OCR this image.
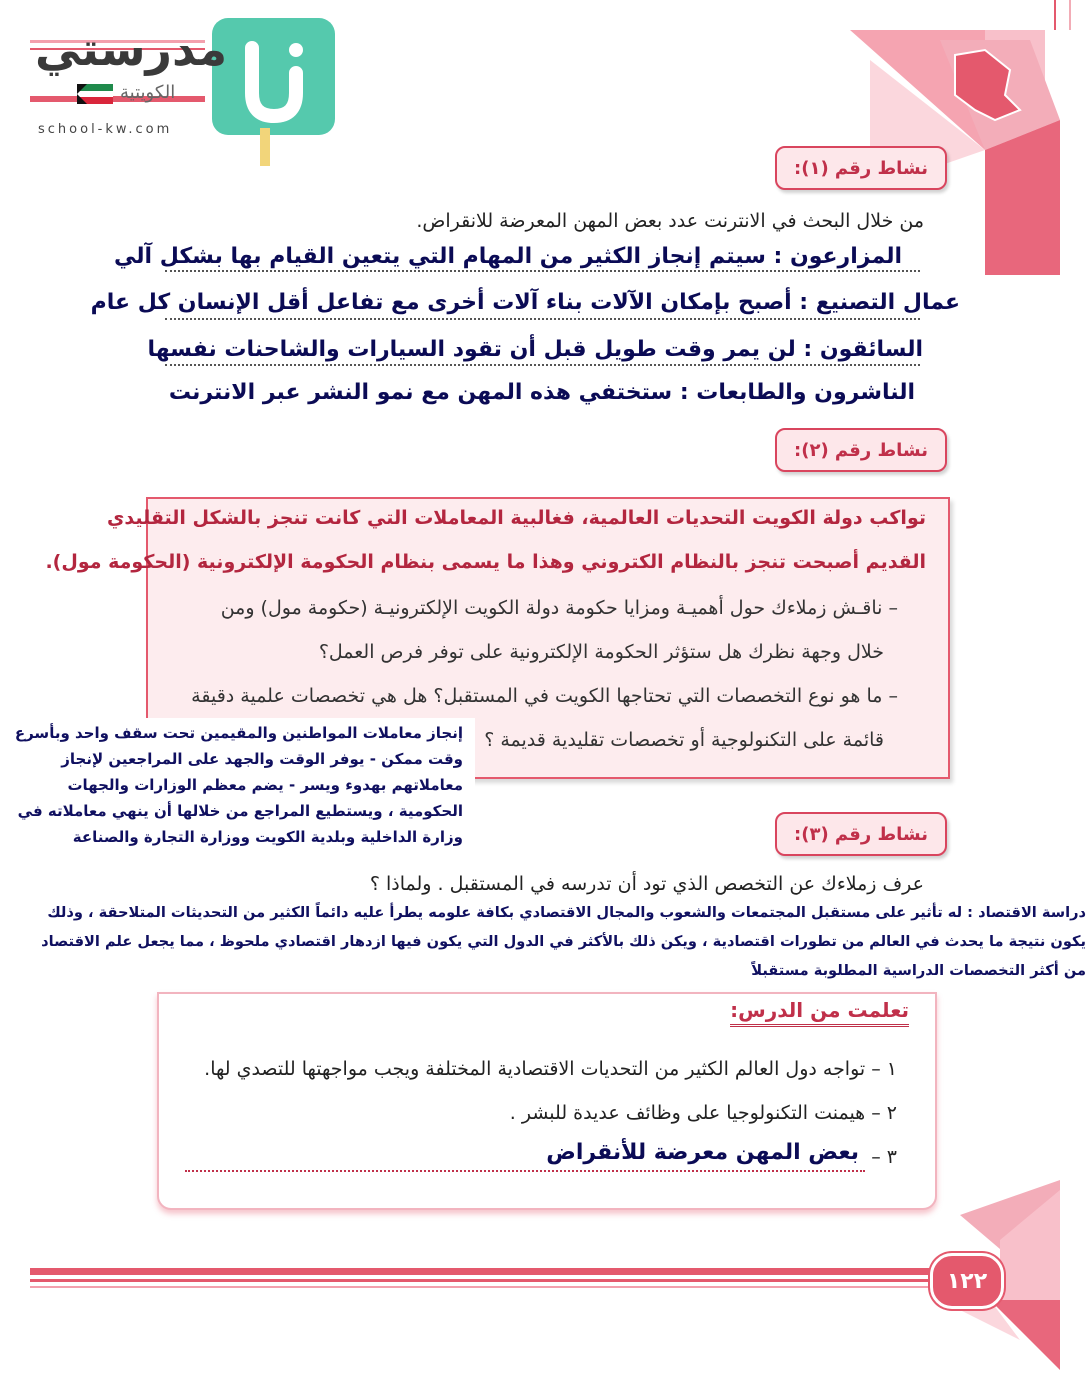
مدرستي
الكويتية
school-kw.com
نشاط رقم (١):
من خلال البحث في الانترنت عدد بعض المهن المعرضة للانقراض.
المزارعون : سيتم إنجاز الكثير من المهام التي يتعين القيام بها بشكل آلي
عمال التصنيع : أصبح بإمكان الآلات بناء آلات أخرى مع تفاعل أقل الإنسان كل عام
السائقون : لن يمر وقت طويل قبل أن تقود السيارات والشاحنات نفسها
الناشرون والطابعات : ستختفي هذه المهن مع نمو النشر عبر الانترنت
نشاط رقم (٢):

تواكب دولة الكويت التحديات العالمية، فغالبية المعاملات التي كانت تنجز بالشكل التقليدي

القديم أصبحت تنجز بالنظام الكتروني وهذا ما يسمى بنظام الحكومة الإلكترونية (الحكومة مول).

– ناقـش زملاءك حول أهميـة ومزايا حكومة دولة الكويت الإلكترونيـة (حكومة مول) ومن

خلال وجهة نظرك هل ستؤثر الحكومة الإلكترونية على توفر فرص العمل؟

– ما هو نوع التخصصات التي تحتاجها الكويت في المستقبل؟ هل هي تخصصات علمية دقيقة

قائمة على التكنولوجية أو تخصصات تقليدية قديمة ؟

إنجاز معاملات المواطنين والمقيمين تحت سقف واحد وبأسرع
وقت ممكن - يوفر الوقت والجهد على المراجعين لإنجاز
معاملاتهم بهدوء ويسر - يضم معظم الوزارات والجهات
الحكومية ، ويستطيع المراجع من خلالها أن ينهي معاملاته في
وزارة الداخلية وبلدية الكويت ووزارة التجارة والصناعة	نشاط رقم (٣):
عرف زملاءك عن التخصص الذي تود أن تدرسه في المستقبل . ولماذا ؟
دراسة الاقتصاد : له تأثير على مستقبل المجتمعات والشعوب والمجال الاقتصادي بكافة علومه يطرأ عليه دائماً الكثير من التحديثات المتلاحقة ، وذلك
يكون نتيجة ما يحدث في العالم من تطورات اقتصادية ، ويكن ذلك بالأكثر في الدول التي يكون فيها ازدهار اقتصادي ملحوظ ، مما يجعل علم الاقتصاد
من أكثر التخصصات الدراسية المطلوبة مستقبلاً
تعلمت من الدرس:
١ – تواجه دول العالم الكثير من التحديات الاقتصادية المختلفة ويجب مواجهتها للتصدي لها.
٢ – هيمنت التكنولوجيا على وظائف عديدة للبشر .
٣ –
بعض المهن معرضة للأنقراض
١٢٢
